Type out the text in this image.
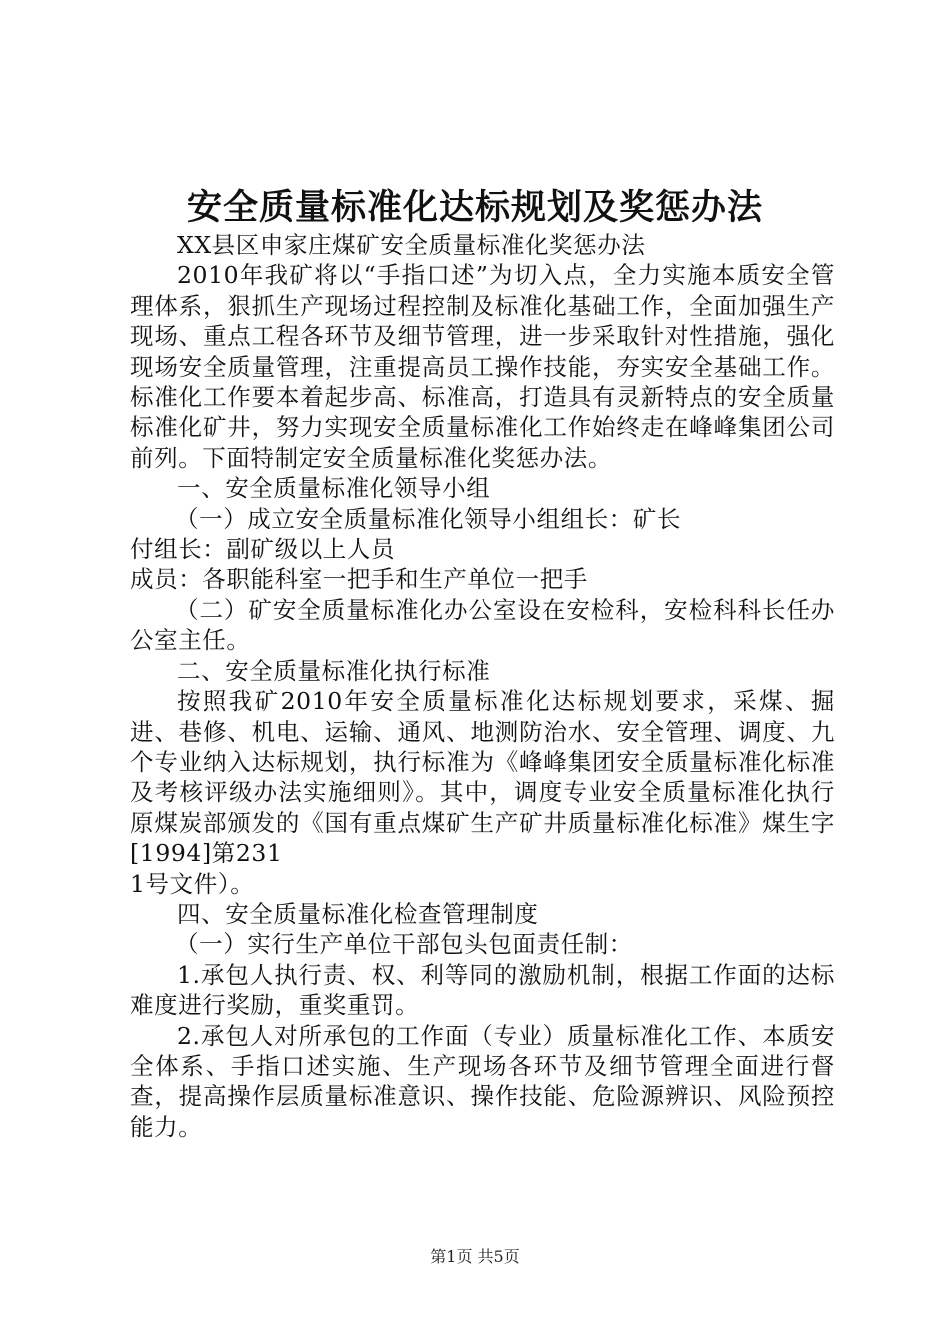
安全质量标准化达标规划及奖惩办法

XX县区申家庄煤矿安全质量标准化奖惩办法

2010年我矿将以“手指口述”为切入点，全力实施本质安全管理体系，狠抓生产现场过程控制及标准化基础工作，全面加强生产现场、重点工程各环节及细节管理，进一步采取针对性措施，强化现场安全质量管理，注重提高员工操作技能，夯实安全基础工作。标准化工作要本着起步高、标准高，打造具有灵新特点的安全质量标准化矿井，努力实现安全质量标准化工作始终走在峰峰集团公司前列。下面特制定安全质量标准化奖惩办法。

一、安全质量标准化领导小组

（一）成立安全质量标准化领导小组组长：矿长

付组长：副矿级以上人员

成员：各职能科室一把手和生产单位一把手

（二）矿安全质量标准化办公室设在安检科，安检科科长任办公室主任。

二、安全质量标准化执行标准

按照我矿2010年安全质量标准化达标规划要求，采煤、掘进、巷修、机电、运输、通风、地测防治水、安全管理、调度、九个专业纳入达标规划，执行标准为《峰峰集团安全质量标准化标准及考核评级办法实施细则》。其中，调度专业安全质量标准化执行原煤炭部颁发的《国有重点煤矿生产矿井质量标准化标准》煤生字[1994]第231

1号文件）。

四、安全质量标准化检查管理制度

（一）实行生产单位干部包头包面责任制：

1.承包人执行责、权、利等同的激励机制，根据工作面的达标难度进行奖励，重奖重罚。

2.承包人对所承包的工作面（专业）质量标准化工作、本质安全体系、手指口述实施、生产现场各环节及细节管理全面进行督查，提高操作层质量标准意识、操作技能、危险源辨识、风险预控能力。

第1页 共5页
